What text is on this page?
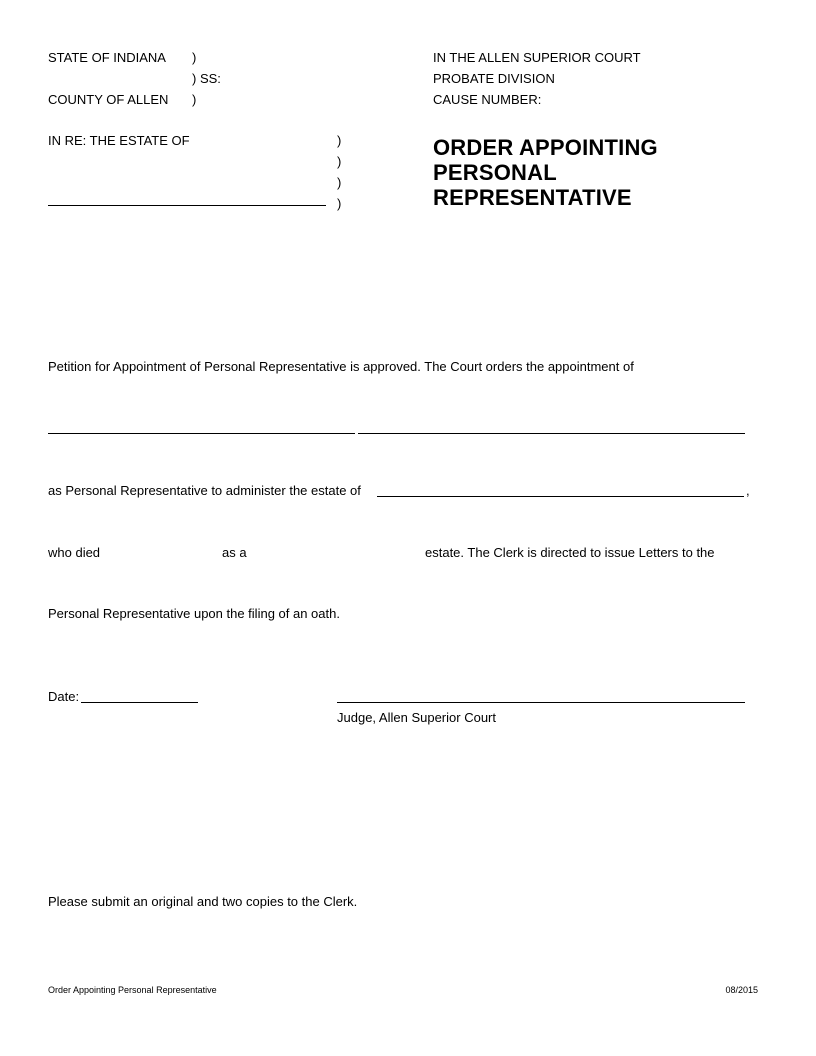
STATE OF INDIANA )
) SS:
COUNTY OF ALLEN )
IN RE: THE ESTATE OF	)
)
)
)
IN THE ALLEN SUPERIOR COURT
PROBATE DIVISION
CAUSE NUMBER:
ORDER APPOINTING
PERSONAL
REPRESENTATIVE
Petition for Appointment of Personal Representative is approved. The Court orders the appointment of
as Personal Representative to administer the estate of	,
who died	as a	estate. The Clerk is directed to issue Letters to the
Personal Representative upon the filing of an oath.
Date:
Judge, Allen Superior Court
Please submit an original and two copies to the Clerk.
Order Appointing Personal Representative	08/2015
